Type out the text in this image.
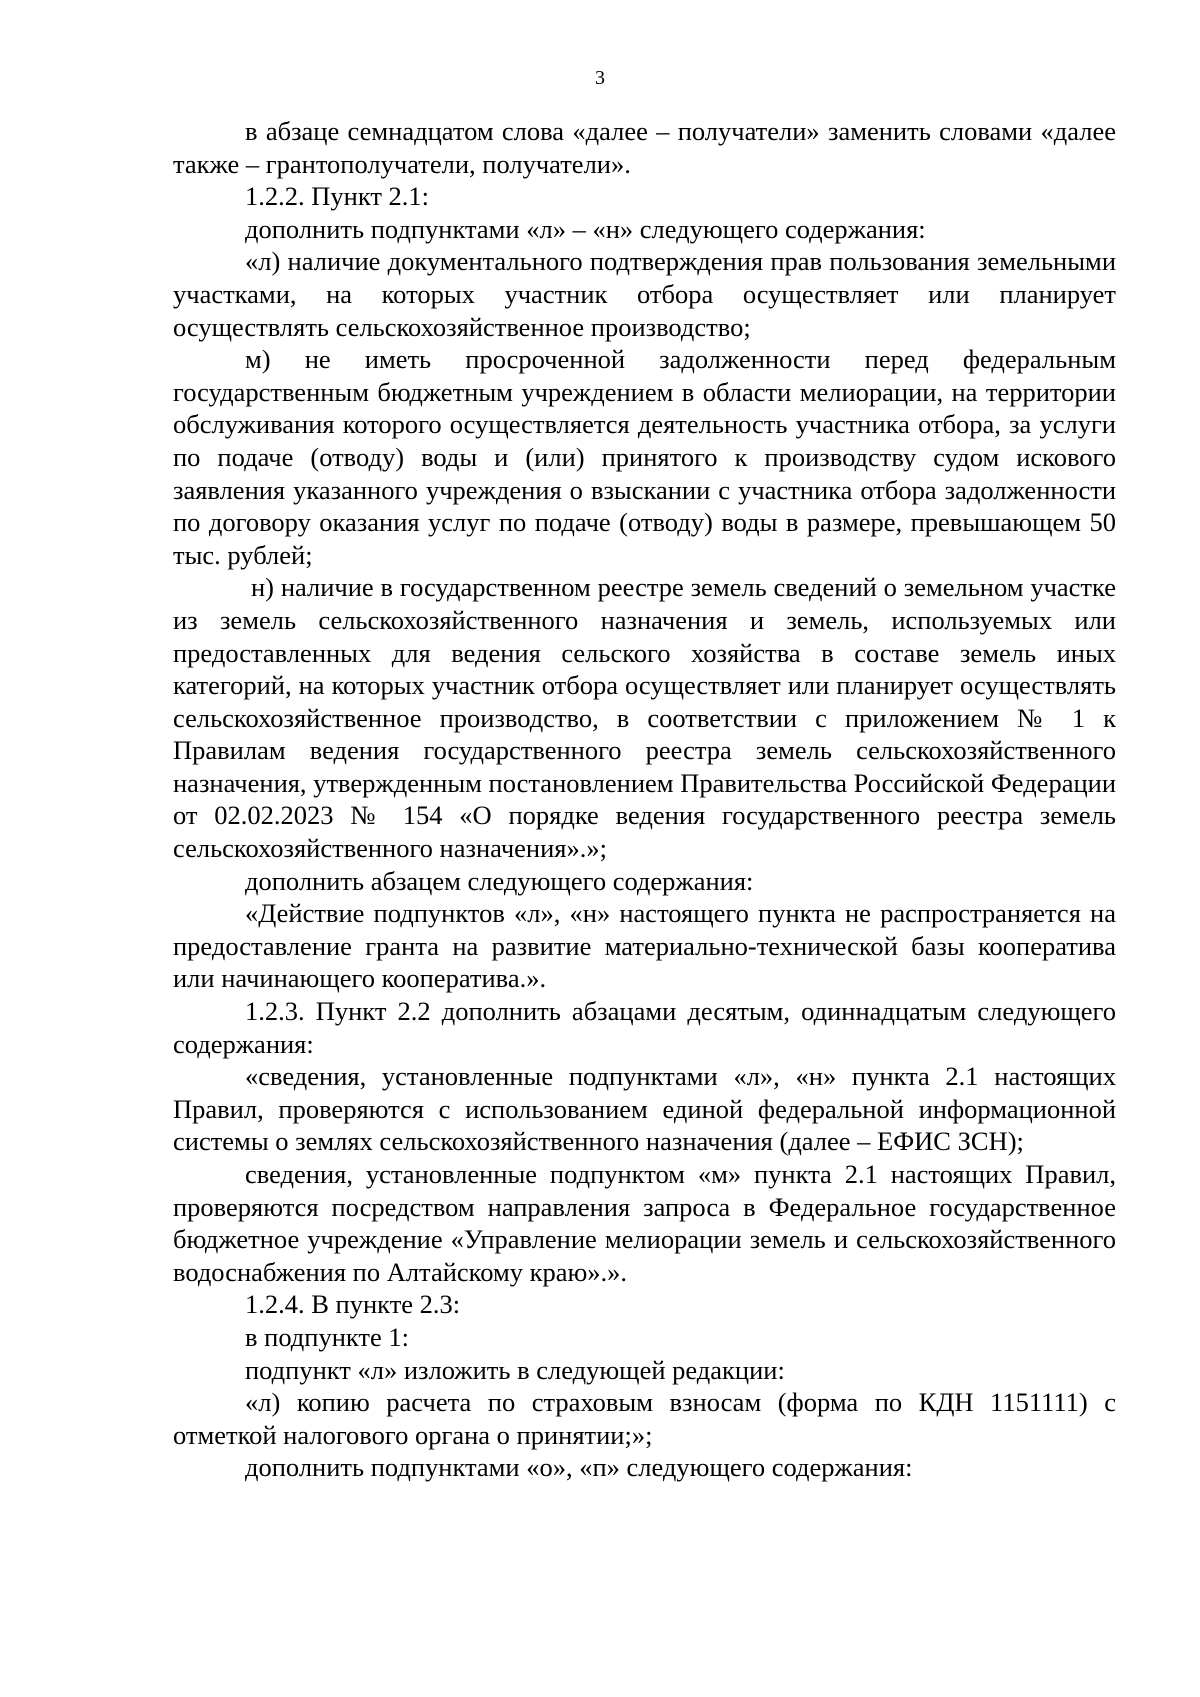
3

в абзаце семнадцатом слова «далее – получатели» заменить словами «далее также – грантополучатели, получатели».

1.2.2. Пункт 2.1:

дополнить подпунктами «л» – «н» следующего содержания:

«л) наличие документального подтверждения прав пользования земельными участками, на которых участник отбора осуществляет или планирует осуществлять сельскохозяйственное производство;

м) не иметь просроченной задолженности перед федеральным государственным бюджетным учреждением в области мелиорации, на территории обслуживания которого осуществляется деятельность участника отбора, за услуги по подаче (отводу) воды и (или) принятого к производству судом искового заявления указанного учреждения о взыскании с участника отбора задолженности по договору оказания услуг по подаче (отводу) воды в размере, превышающем 50 тыс. рублей;

н) наличие в государственном реестре земель сведений о земельном участке из земель сельскохозяйственного назначения и земель, используемых или предоставленных для ведения сельского хозяйства в составе земель иных категорий, на которых участник отбора осуществляет или планирует осуществлять сельскохозяйственное производство, в соответствии с приложением № 1 к Правилам ведения государственного реестра земель сельскохозяйственного назначения, утвержденным постановлением Правительства Российской Федерации от 02.02.2023 № 154 «О порядке ведения государственного реестра земель сельскохозяйственного назначения».»;

дополнить абзацем следующего содержания:

«Действие подпунктов «л», «н» настоящего пункта не распространяется на предоставление гранта на развитие материально-технической базы кооператива или начинающего кооператива.».

1.2.3. Пункт 2.2 дополнить абзацами десятым, одиннадцатым следующего содержания:

«сведения, установленные подпунктами «л», «н» пункта 2.1 настоящих Правил, проверяются с использованием единой федеральной информационной системы о землях сельскохозяйственного назначения (далее – ЕФИС ЗСН);

сведения, установленные подпунктом «м» пункта 2.1 настоящих Правил, проверяются посредством направления запроса в Федеральное государственное бюджетное учреждение «Управление мелиорации земель и сельскохозяйственного водоснабжения по Алтайскому краю».».

1.2.4. В пункте 2.3:

в подпункте 1:

подпункт «л» изложить в следующей редакции:

«л) копию расчета по страховым взносам (форма по КДН 1151111) с отметкой налогового органа о принятии;»;

дополнить подпунктами «о», «п» следующего содержания:
